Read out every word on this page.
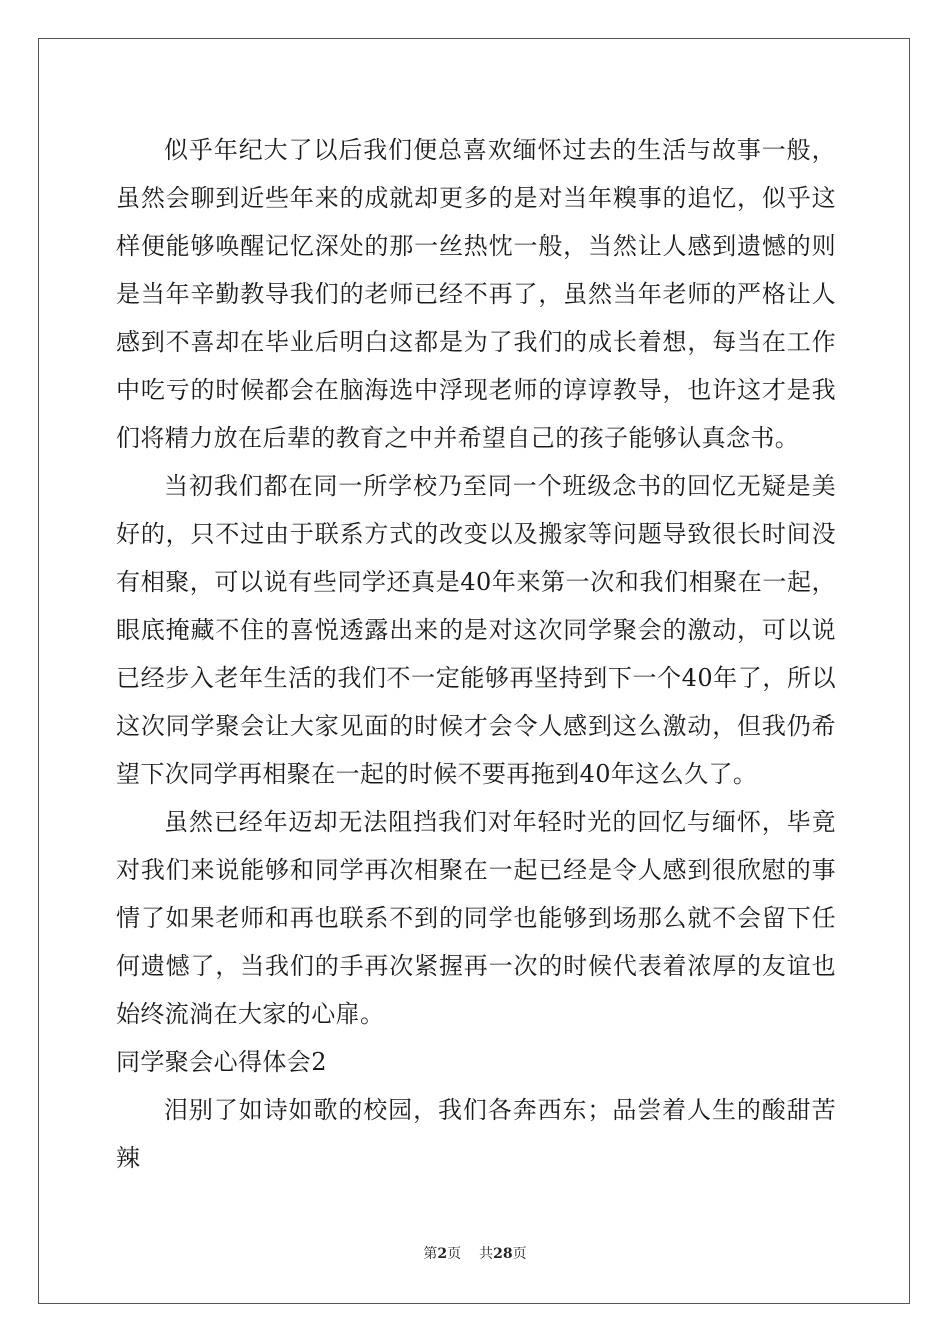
似乎年纪大了以后我们便总喜欢缅怀过去的生活与故事一般，虽然会聊到近些年来的成就却更多的是对当年糗事的追忆，似乎这样便能够唤醒记忆深处的那一丝热忱一般，当然让人感到遗憾的则是当年辛勤教导我们的老师已经不再了，虽然当年老师的严格让人感到不喜却在毕业后明白这都是为了我们的成长着想，每当在工作中吃亏的时候都会在脑海选中浮现老师的谆谆教导，也许这才是我们将精力放在后辈的教育之中并希望自己的孩子能够认真念书。

当初我们都在同一所学校乃至同一个班级念书的回忆无疑是美好的，只不过由于联系方式的改变以及搬家等问题导致很长时间没有相聚，可以说有些同学还真是40年来第一次和我们相聚在一起，眼底掩藏不住的喜悦透露出来的是对这次同学聚会的激动，可以说已经步入老年生活的我们不一定能够再坚持到下一个40年了，所以这次同学聚会让大家见面的时候才会令人感到这么激动，但我仍希望下次同学再相聚在一起的时候不要再拖到40年这么久了。

虽然已经年迈却无法阻挡我们对年轻时光的回忆与缅怀，毕竟对我们来说能够和同学再次相聚在一起已经是令人感到很欣慰的事情了如果老师和再也联系不到的同学也能够到场那么就不会留下任何遗憾了，当我们的手再次紧握再一次的时候代表着浓厚的友谊也始终流淌在大家的心扉。

同学聚会心得体会2

泪别了如诗如歌的校园，我们各奔西东；品尝着人生的酸甜苦辣

第2页 共28页
